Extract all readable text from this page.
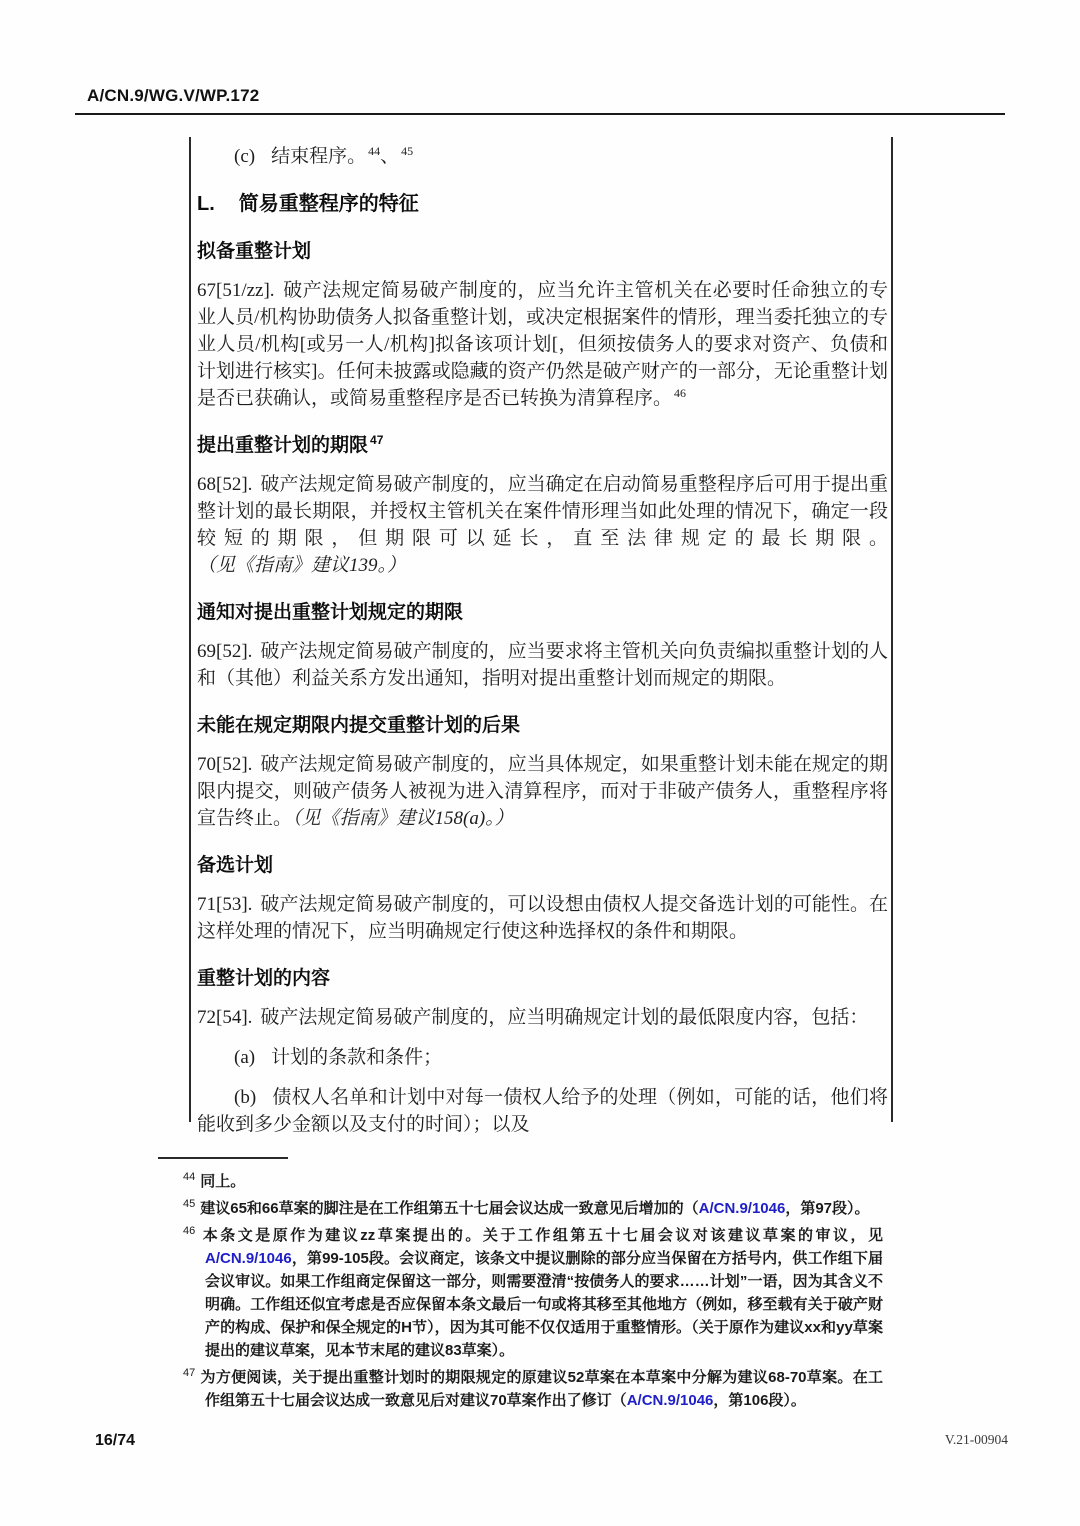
A/CN.9/WG.V/WP.172

(c) 结束程序。 $^{44}$、 $^{45}$

L. 简易重整程序的特征
拟备重整计划

67[51/zz]. 破产法规定简易破产制度的，应当允许主管机关在必要时任命独立的专业人员/机构协助债务人拟备重整计划，或决定根据案件的情形，理当委托独立的专业人员/机构[或另一人/机构]拟备该项计划[，但须按债务人的要求对资产、负债和计划进行核实]。任何未披露或隐藏的资产仍然是破产财产的一部分，无论重整计划是否已获确认，或简易重整程序是否已转换为清算程序。 $^{46}$

提出重整计划的期限 $^{47}$

68[52]. 破产法规定简易破产制度的，应当确定在启动简易重整程序后可用于提出重整计划的最长期限，并授权主管机关在案件情形理当如此处理的情况下，确定一段较短的期限，但期限可以延长，直至法律规定的最长期限。（见《指南》建议139。）

通知对提出重整计划规定的期限

69[52]. 破产法规定简易破产制度的，应当要求将主管机关向负责编拟重整计划的人和（其他）利益关系方发出通知，指明对提出重整计划而规定的期限。

未能在规定期限内提交重整计划的后果

70[52]. 破产法规定简易破产制度的，应当具体规定，如果重整计划未能在规定的期限内提交，则破产债务人被视为进入清算程序，而对于非破产债务人，重整程序将宣告终止。（见《指南》建议158(a)。）

备选计划

71[53]. 破产法规定简易破产制度的，可以设想由债权人提交备选计划的可能性。在这样处理的情况下，应当明确规定行使这种选择权的条件和期限。

重整计划的内容

72[54]. 破产法规定简易破产制度的，应当明确规定计划的最低限度内容，包括：

(a) 计划的条款和条件；

(b) 债权人名单和计划中对每一债权人给予的处理（例如，可能的话，他们将能收到多少金额以及支付的时间）；以及

$^{44}$ 同上。
$^{45}$ 建议65和66草案的脚注是在工作组第五十七届会议达成一致意见后增加的（A/CN.9/1046，第97段）。
$^{46}$ 本条文是原作为建议zz草案提出的。关于工作组第五十七届会议对该建议草案的审议，见A/CN.9/1046，第99-105段。会议商定，该条文中提议删除的部分应当保留在方括号内，供工作组下届会议审议。如果工作组商定保留这一部分，则需要澄清“按债务人的要求……计划”一语，因为其含义不明确。工作组还似宜考虑是否应保留本条文最后一句或将其移至其他地方（例如，移至载有关于破产财产的构成、保护和保全规定的H节），因为其可能不仅仅适用于重整情形。（关于原作为建议xx和yy草案提出的建议草案，见本节末尾的建议83草案）。
$^{47}$ 为方便阅读，关于提出重整计划时的期限规定的原建议52草案在本草案中分解为建议68-70草案。在工作组第五十七届会议达成一致意见后对建议70草案作出了修订（A/CN.9/1046，第106段）。
16/74	V.21-00904
